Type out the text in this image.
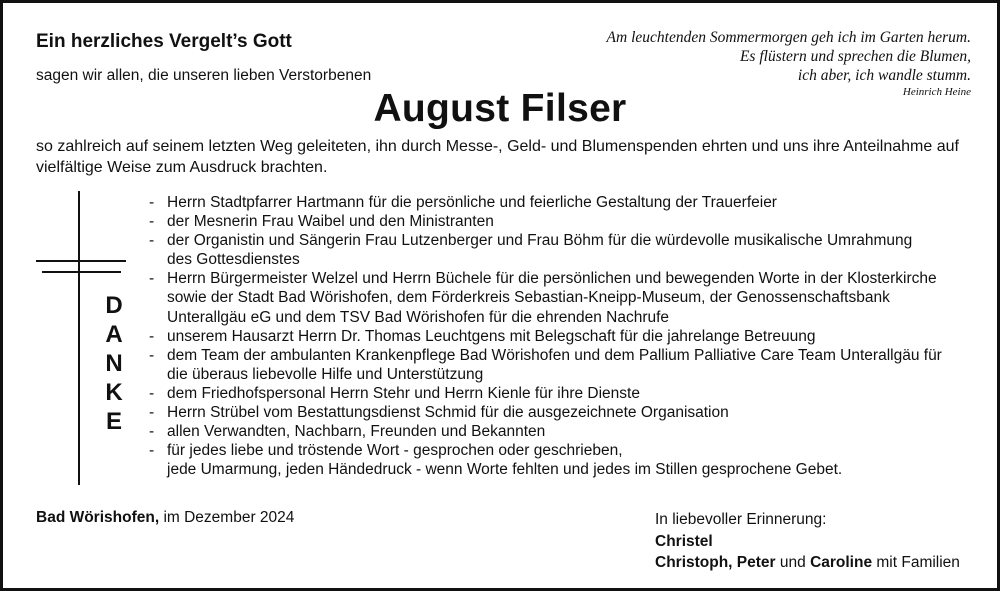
Ein herzliches Vergelt’s Gott
sagen wir allen, die unseren lieben Verstorbenen
August Filser
Am leuchtenden Sommermorgen geh ich im Garten herum.
Es flüstern und sprechen die Blumen,
ich aber, ich wandle stumm.
Heinrich Heine
so zahlreich auf seinem letzten Weg geleiteten, ihn durch Messe-, Geld- und Blumenspenden ehrten und uns ihre Anteilnahme auf vielfältige Weise zum Ausdruck brachten.
D
A
N
K
E
- Herrn Stadtpfarrer Hartmann für die persönliche und feierliche Gestaltung der Trauerfeier
- der Mesnerin Frau Waibel und den Ministranten
- der Organistin und Sängerin Frau Lutzenberger und Frau Böhm für die würdevolle musikalische Umrahmung
des Gottesdienstes
- Herrn Bürgermeister Welzel und Herrn Büchele für die persönlichen und bewegenden Worte in der Klosterkirche
sowie der Stadt Bad Wörishofen, dem Förderkreis Sebastian-Kneipp-Museum, der Genossenschaftsbank
Unterallgäu eG und dem TSV Bad Wörishofen für die ehrenden Nachrufe
- unserem Hausarzt Herrn Dr. Thomas Leuchtgens mit Belegschaft für die jahrelange Betreuung
- dem Team der ambulanten Krankenpflege Bad Wörishofen und dem Pallium Palliative Care Team Unterallgäu für
die überaus liebevolle Hilfe und Unterstützung
- dem Friedhofspersonal Herrn Stehr und Herrn Kienle für ihre Dienste
- Herrn Strübel vom Bestattungsdienst Schmid für die ausgezeichnete Organisation
- allen Verwandten, Nachbarn, Freunden und Bekannten
- für jedes liebe und tröstende Wort - gesprochen oder geschrieben,
jede Umarmung, jeden Händedruck - wenn Worte fehlten und jedes im Stillen gesprochene Gebet.
Bad Wörishofen, im Dezember 2024	In liebevoller Erinnerung:
Christel
Christoph, Peter und Caroline mit Familien
